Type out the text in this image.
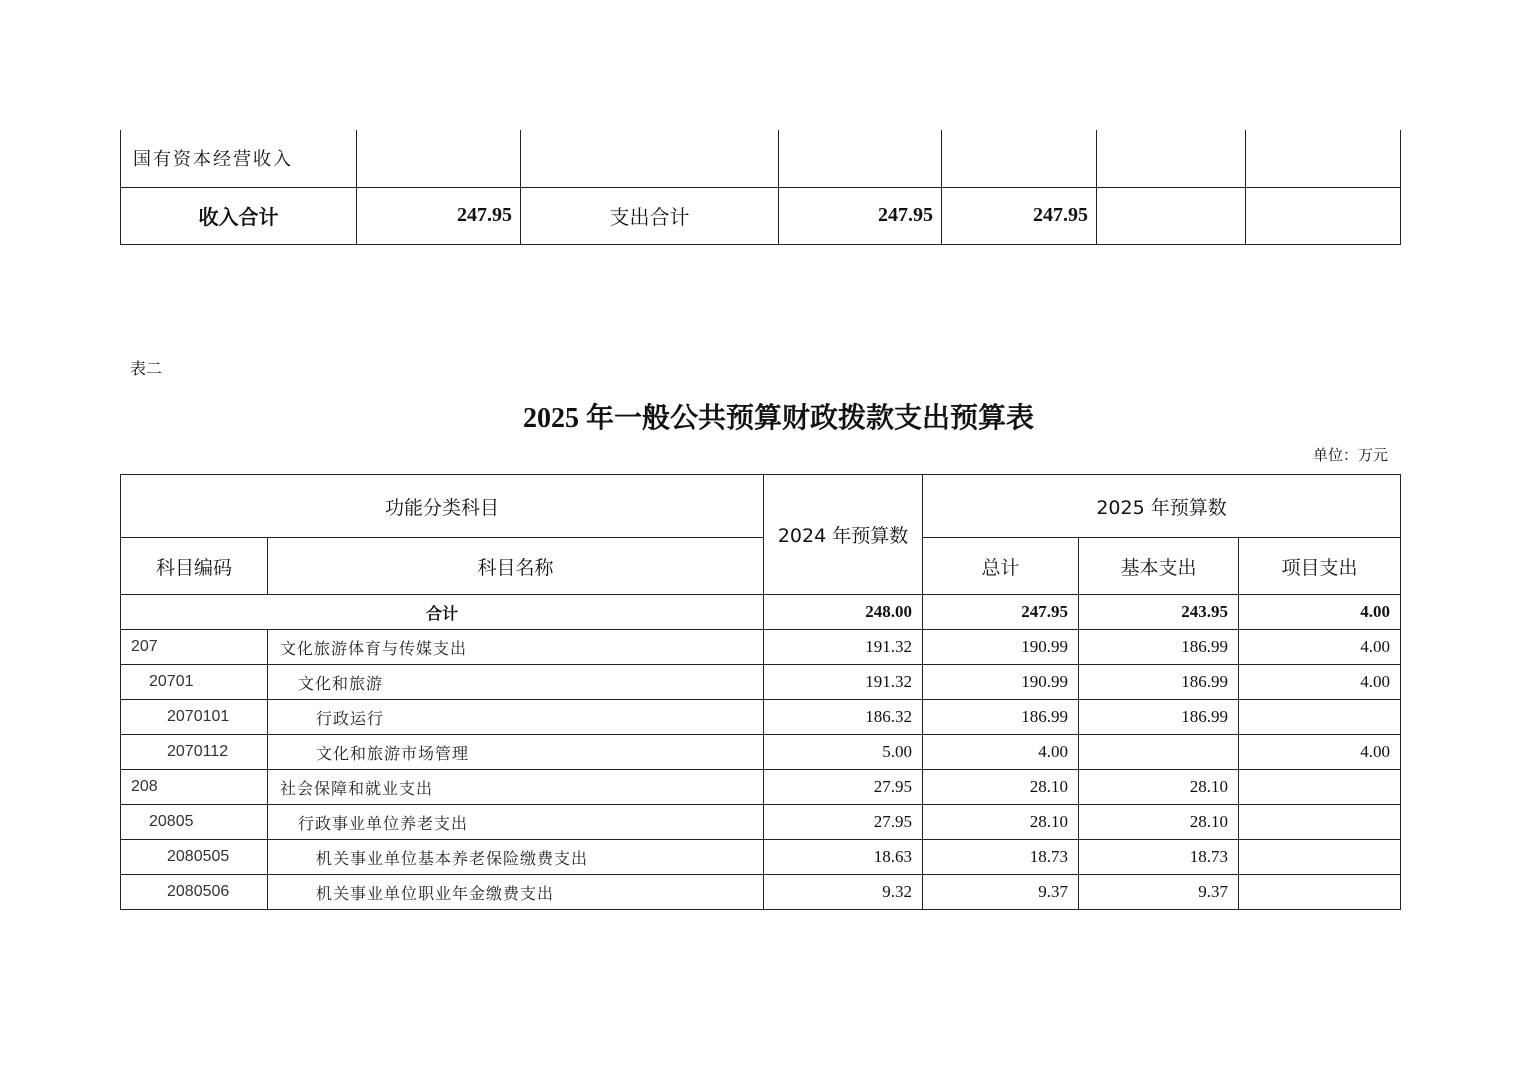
国有资本经营收入						
收入合计	247.95	支出合计	247.95	247.95		
表二
2025 年一般公共预算财政拨款支出预算表
单位：万元
功能分类科目		2024 年预算数	2025 年预算数		
科目编码	科目名称		总计	基本支出	项目支出
合计		248.00	247.95	243.95	4.00
207	文化旅游体育与传媒支出	191.32	190.99	186.99	4.00
20701	文化和旅游	191.32	190.99	186.99	4.00
2070101	行政运行	186.32	186.99	186.99	
2070112	文化和旅游市场管理	5.00	4.00		4.00
208	社会保障和就业支出	27.95	28.10	28.10	
20805	行政事业单位养老支出	27.95	28.10	28.10	
2080505	机关事业单位基本养老保险缴费支出	18.63	18.73	18.73	
2080506	机关事业单位职业年金缴费支出	9.32	9.37	9.37	
